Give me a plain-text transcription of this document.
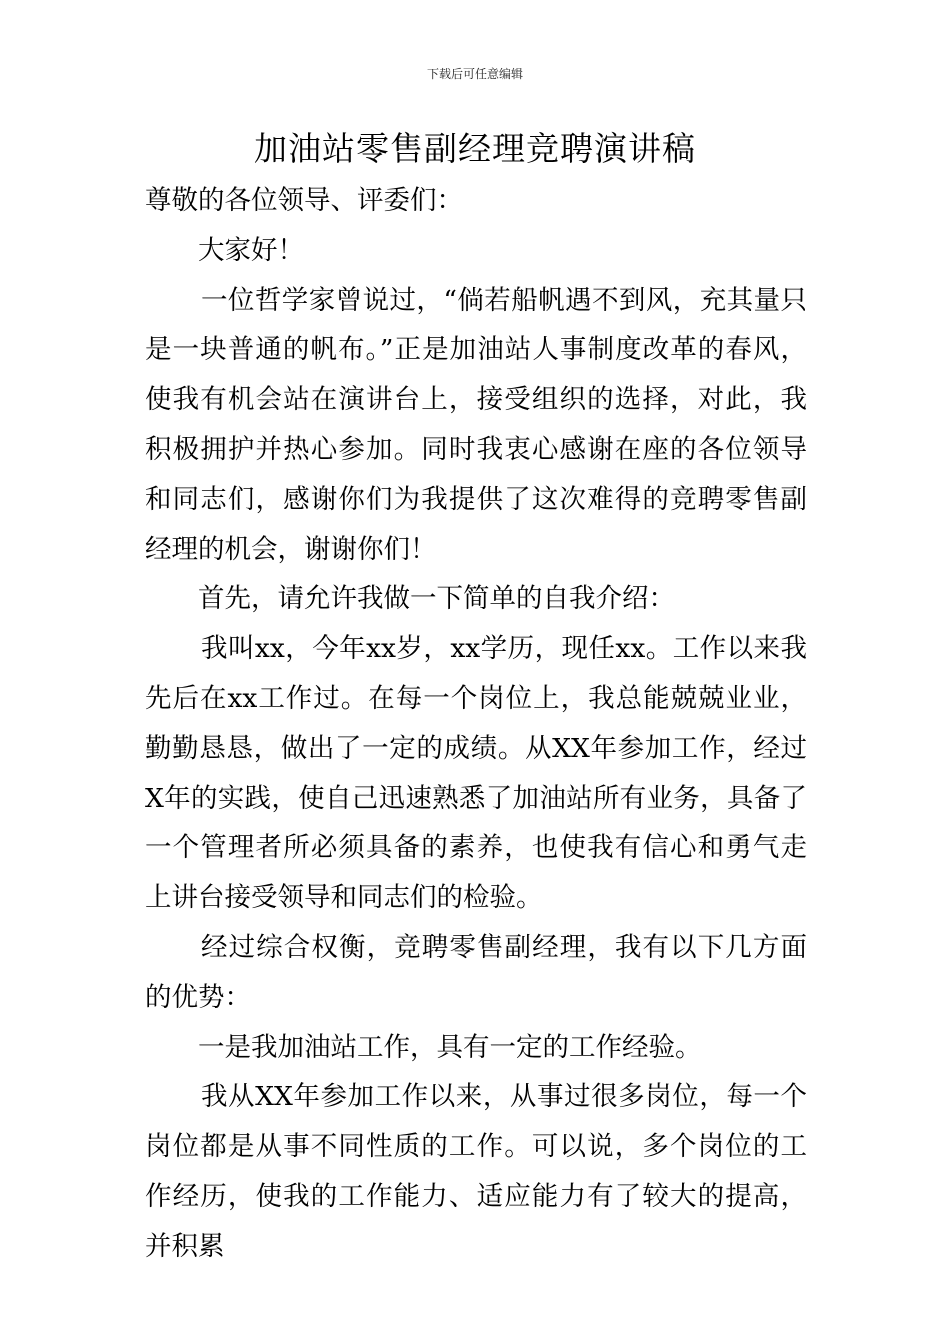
下载后可任意编辑
加油站零售副经理竞聘演讲稿

尊敬的各位领导、评委们：

大家好！

一位哲学家曾说过，“倘若船帆遇不到风，充其量只是一块普通的帆布。”正是加油站人事制度改革的春风，使我有机会站在演讲台上，接受组织的选择，对此，我积极拥护并热心参加。同时我衷心感谢在座的各位领导和同志们，感谢你们为我提供了这次难得的竞聘零售副经理的机会，谢谢你们！

首先，请允许我做一下简单的自我介绍：

我叫xx，今年xx岁，xx学历，现任xx。工作以来我先后在xx工作过。在每一个岗位上，我总能兢兢业业，勤勤恳恳，做出了一定的成绩。从XX年参加工作，经过X年的实践，使自己迅速熟悉了加油站所有业务，具备了一个管理者所必须具备的素养，也使我有信心和勇气走上讲台接受领导和同志们的检验。

经过综合权衡，竞聘零售副经理，我有以下几方面的优势：

一是我加油站工作，具有一定的工作经验。

我从XX年参加工作以来，从事过很多岗位，每一个岗位都是从事不同性质的工作。可以说，多个岗位的工作经历，使我的工作能力、适应能力有了较大的提高，并积累
